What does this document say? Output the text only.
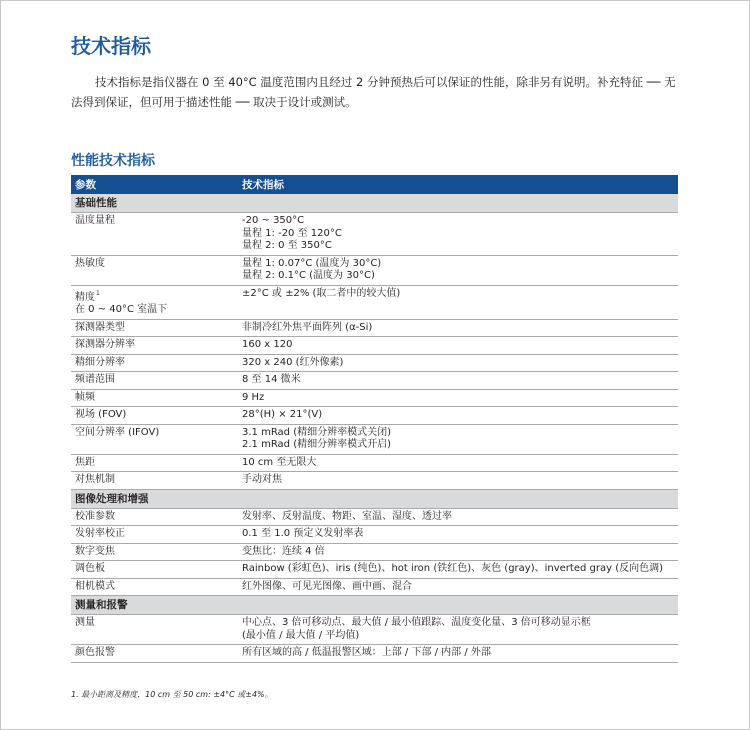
技术指标

技术指标是指仪器在 0 至 40°C 温度范围内且经过 2 分钟预热后可以保证的性能，除非另有说明。补充特征 ── 无法得到保证，但可用于描述性能 ── 取决于设计或测试。

性能技术指标
参数	技术指标
基础性能	

温度量程	-20 ~ 350°C
量程 1: -20 至 120°C
量程 2: 0 至 350°C

热敏度	量程 1: 0.07°C (温度为 30°C)
量程 2: 0.1°C (温度为 30°C)

精度$^1$
在 0 ~ 40°C 室温下	±2°C 或 ±2% (取二者中的较大值)

探测器类型	非制冷红外焦平面阵列 (α-Si)

探测器分辨率	160 x 120

精细分辨率	320 x 240 (红外像素)

频谱范围	8 至 14 微米

帧频	9 Hz

视场 (FOV)	28°(H) × 21°(V)

空间分辨率 (IFOV)	3.1 mRad (精细分辨率模式关闭)
2.1 mRad (精细分辨率模式开启)

焦距	10 cm 至无限大

对焦机制	手动对焦

图像处理和增强	

校准参数	发射率、反射温度、物距、室温、湿度、透过率

发射率校正	0.1 至 1.0 预定义发射率表

数字变焦	变焦比：连续 4 倍

调色板	Rainbow (彩虹色)、iris (纯色)、hot iron (铁红色)、灰色 (gray)、inverted gray (反向色调)

相机模式	红外图像、可见光图像、画中画、混合

测量和报警	

测量	中心点、3 倍可移动点、最大值 / 最小值跟踪、温度变化量、3 倍可移动显示框
(最小值 / 最大值 / 平均值)

颜色报警	所有区域的高 / 低温报警区域：上部 / 下部 / 内部 / 外部

1. 最小距离及精度，10 cm 至 50 cm: ±4°C 或±4%。
